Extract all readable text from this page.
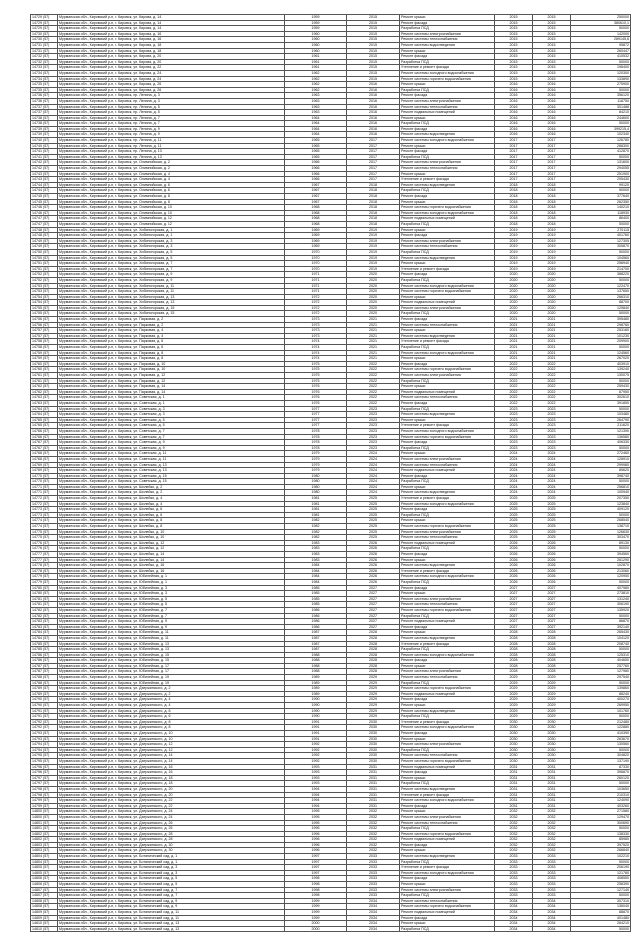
14729 (57)	Мурманская обл., Кировский р-н, г. Кировск, ул. Кирова, д. 14	1959	2015	Ремонт крыши	2015	2015	250000
14729 (57)	Мурманская обл., Кировский р-н, г. Кировск, ул. Кирова, д. 14	1959	2015	Ремонт фасада	2015	2015	380610,1
14729 (57)	Мурманская обл., Кировский р-н, г. Кировск, ул. Кирова, д. 14	1959	2015	Разработка ПСД	2015	2015	50000
14730 (57)	Мурманская обл., Кировский р-н, г. Кировск, ул. Кирова, д. 16	1960	2015	Ремонт системы электроснабжения	2015	2015	142000
14730 (57)	Мурманская обл., Кировский р-н, г. Кировск, ул. Кирова, д. 16	1960	2015	Ремонт системы теплоснабжения	2015	2015	289145,6
14731 (57)	Мурманская обл., Кировский р-н, г. Кировск, ул. Кирова, д. 18	1960	2015	Ремонт системы водоотведения	2015	2015	95872
14731 (57)	Мурманская обл., Кировский р-н, г. Кировск, ул. Кирова, д. 18	1960	2015	Ремонт крыши	2015	2015	260447
14732 (57)	Мурманская обл., Кировский р-н, г. Кировск, ул. Кирова, д. 20	1961	2015	Ремонт фасада	2015	2015	410532
14732 (57)	Мурманская обл., Кировский р-н, г. Кировск, ул. Кирова, д. 20	1961	2015	Разработка ПСД	2015	2015	50000
14733 (57)	Мурманская обл., Кировский р-н, г. Кировск, ул. Кирова, д. 22	1961	2015	Утепление и ремонт фасада	2015	2015	198400
14734 (57)	Мурманская обл., Кировский р-н, г. Кировск, ул. Кирова, д. 24	1962	2015	Ремонт системы холодного водоснабжения	2015	2015	120300
14734 (57)	Мурманская обл., Кировский р-н, г. Кировск, ул. Кирова, д. 24	1962	2015	Ремонт системы горячего водоснабжения	2015	2015	133890
14735 (57)	Мурманская обл., Кировский р-н, г. Кировск, ул. Кирова, д. 26	1962	2016	Ремонт крыши	2016	2016	275900
14735 (57)	Мурманская обл., Кировский р-н, г. Кировск, ул. Кирова, д. 26	1962	2016	Разработка ПСД	2016	2016	50000
14736 (57)	Мурманская обл., Кировский р-н, г. Кировск, пр. Ленина, д. 3	1963	2016	Ремонт фасада	2016	2016	356120
14736 (57)	Мурманская обл., Кировский р-н, г. Кировск, пр. Ленина, д. 3	1963	2016	Ремонт системы электроснабжения	2016	2016	118750
14737 (57)	Мурманская обл., Кировский р-н, г. Кировск, пр. Ленина, д. 5	1963	2016	Ремонт системы теплоснабжения	2016	2016	301488
14737 (57)	Мурманская обл., Кировский р-н, г. Кировск, пр. Ленина, д. 5	1963	2016	Ремонт подвальных помещений	2016	2016	84210
14738 (57)	Мурманская обл., Кировский р-н, г. Кировск, пр. Ленина, д. 7	1964	2016	Ремонт крыши	2016	2016	244600
14738 (57)	Мурманская обл., Кировский р-н, г. Кировск, пр. Ленина, д. 7	1964	2016	Разработка ПСД	2016	2016	50000
14739 (57)	Мурманская обл., Кировский р-н, г. Кировск, пр. Ленина, д. 9	1964	2016	Ремонт фасада	2016	2016	399215,4
14739 (57)	Мурманская обл., Кировский р-н, г. Кировск, пр. Ленина, д. 9	1964	2016	Ремонт системы водоотведения	2016	2016	102340
14740 (57)	Мурманская обл., Кировский р-н, г. Кировск, пр. Ленина, д. 11	1965	2017	Ремонт системы холодного водоснабжения	2017	2017	126780
14740 (57)	Мурманская обл., Кировский р-н, г. Кировск, пр. Ленина, д. 11	1965	2017	Ремонт крыши	2017	2017	288300
14741 (57)	Мурманская обл., Кировский р-н, г. Кировск, пр. Ленина, д. 13	1965	2017	Ремонт фасада	2017	2017	412870
14741 (57)	Мурманская обл., Кировский р-н, г. Кировск, пр. Ленина, д. 13	1965	2017	Разработка ПСД	2017	2017	50000
14742 (57)	Мурманская обл., Кировский р-н, г. Кировск, ул. Олимпийская, д. 2	1966	2017	Ремонт системы электроснабжения	2017	2017	131600
14742 (57)	Мурманская обл., Кировский р-н, г. Кировск, ул. Олимпийская, д. 2	1966	2017	Ремонт системы теплоснабжения	2017	2017	294055
14743 (57)	Мурманская обл., Кировский р-н, г. Кировск, ул. Олимпийская, д. 4	1966	2017	Ремонт крыши	2017	2017	251900
14743 (57)	Мурманская обл., Кировский р-н, г. Кировск, ул. Олимпийская, д. 4	1966	2017	Утепление и ремонт фасада	2017	2017	205430
14744 (57)	Мурманская обл., Кировский р-н, г. Кировск, ул. Олимпийская, д. 6	1967	2018	Ремонт системы водоотведения	2018	2018	99120
14744 (57)	Мурманская обл., Кировский р-н, г. Кировск, ул. Олимпийская, д. 6	1967	2018	Разработка ПСД	2018	2018	50000
14745 (57)	Мурманская обл., Кировский р-н, г. Кировск, ул. Олимпийская, д. 8	1967	2018	Ремонт фасада	2018	2018	377640
14745 (57)	Мурманская обл., Кировский р-н, г. Кировск, ул. Олимпийская, д. 8	1967	2018	Ремонт крыши	2018	2018	262350
14746 (57)	Мурманская обл., Кировский р-н, г. Кировск, ул. Олимпийская, д. 10	1968	2018	Ремонт системы горячего водоснабжения	2018	2018	140210
14746 (57)	Мурманская обл., Кировский р-н, г. Кировск, ул. Олимпийская, д. 10	1968	2018	Ремонт системы холодного водоснабжения	2018	2018	118930
14747 (57)	Мурманская обл., Кировский р-н, г. Кировск, ул. Олимпийская, д. 12	1968	2018	Ремонт подвальных помещений	2018	2018	86400
14747 (57)	Мурманская обл., Кировский р-н, г. Кировск, ул. Олимпийская, д. 12	1968	2018	Разработка ПСД	2018	2018	50000
14748 (57)	Мурманская обл., Кировский р-н, г. Кировск, ул. Хибиногорская, д. 1	1969	2019	Ремонт крыши	2019	2019	270115
14748 (57)	Мурманская обл., Кировский р-н, г. Кировск, ул. Хибиногорская, д. 1	1969	2019	Ремонт фасада	2019	2019	401760
14749 (57)	Мурманская обл., Кировский р-н, г. Кировск, ул. Хибиногорская, д. 3	1969	2019	Ремонт системы электроснабжения	2019	2019	127305
14749 (57)	Мурманская обл., Кировский р-н, г. Кировск, ул. Хибиногорская, д. 3	1969	2019	Ремонт системы теплоснабжения	2019	2019	305870
14750 (57)	Мурманская обл., Кировский р-н, г. Кировск, ул. Хибиногорская, д. 5	1970	2019	Разработка ПСД	2019	2019	50000
14750 (57)	Мурманская обл., Кировский р-н, г. Кировск, ул. Хибиногорская, д. 5	1970	2019	Ремонт системы водоотведения	2019	2019	104560
14751 (57)	Мурманская обл., Кировский р-н, г. Кировск, ул. Хибиногорская, д. 7	1970	2019	Ремонт крыши	2019	2019	258940
14751 (57)	Мурманская обл., Кировский р-н, г. Кировск, ул. Хибиногорская, д. 7	1970	2019	Утепление и ремонт фасада	2019	2019	214700
14752 (57)	Мурманская обл., Кировский р-н, г. Кировск, ул. Хибиногорская, д. 9	1971	2020	Ремонт фасада	2020	2020	388220
14752 (57)	Мурманская обл., Кировский р-н, г. Кировск, ул. Хибиногорская, д. 9	1971	2020	Разработка ПСД	2020	2020	50000
14753 (57)	Мурманская обл., Кировский р-н, г. Кировск, ул. Хибиногорская, д. 11	1971	2020	Ремонт системы холодного водоснабжения	2020	2020	122470
14753 (57)	Мурманская обл., Кировский р-н, г. Кировск, ул. Хибиногорская, д. 11	1971	2020	Ремонт системы горячего водоснабжения	2020	2020	137650
14754 (57)	Мурманская обл., Кировский р-н, г. Кировск, ул. Хибиногорская, д. 13	1972	2020	Ремонт крыши	2020	2020	266310
14754 (57)	Мурманская обл., Кировский р-н, г. Кировск, ул. Хибиногорская, д. 13	1972	2020	Ремонт подвальных помещений	2020	2020	88700
14755 (57)	Мурманская обл., Кировский р-н, г. Кировск, ул. Хибиногорская, д. 15	1972	2020	Ремонт системы электроснабжения	2020	2020	129840
14755 (57)	Мурманская обл., Кировский р-н, г. Кировск, ул. Хибиногорская, д. 15	1972	2020	Разработка ПСД	2020	2020	50000
14756 (57)	Мурманская обл., Кировский р-н, г. Кировск, ул. Парковая, д. 2	1973	2021	Ремонт фасада	2021	2021	395480
14756 (57)	Мурманская обл., Кировский р-н, г. Кировск, ул. Парковая, д. 2	1973	2021	Ремонт системы теплоснабжения	2021	2021	298760
14757 (57)	Мурманская обл., Кировский р-н, г. Кировск, ул. Парковая, д. 4	1973	2021	Ремонт крыши	2021	2021	253180
14757 (57)	Мурманская обл., Кировский р-н, г. Кировск, ул. Парковая, д. 4	1973	2021	Ремонт системы водоотведения	2021	2021	101230
14758 (57)	Мурманская обл., Кировский р-н, г. Кировск, ул. Парковая, д. 6	1974	2021	Утепление и ремонт фасада	2021	2021	209900
14758 (57)	Мурманская обл., Кировский р-н, г. Кировск, ул. Парковая, д. 6	1974	2021	Разработка ПСД	2021	2021	50000
14759 (57)	Мурманская обл., Кировский р-н, г. Кировск, ул. Парковая, д. 8	1974	2021	Ремонт системы холодного водоснабжения	2021	2021	124560
14759 (57)	Мурманская обл., Кировский р-н, г. Кировск, ул. Парковая, д. 8	1974	2021	Ремонт крыши	2021	2021	267020
14760 (57)	Мурманская обл., Кировский р-н, г. Кировск, ул. Парковая, д. 10	1975	2022	Ремонт фасада	2022	2022	403910
14760 (57)	Мурманская обл., Кировский р-н, г. Кировск, ул. Парковая, д. 10	1975	2022	Ремонт системы горячего водоснабжения	2022	2022	139240
14761 (57)	Мурманская обл., Кировский р-н, г. Кировск, ул. Парковая, д. 12	1975	2022	Ремонт системы электроснабжения	2022	2022	130075
14761 (57)	Мурманская обл., Кировский р-н, г. Кировск, ул. Парковая, д. 12	1975	2022	Разработка ПСД	2022	2022	50000
14762 (57)	Мурманская обл., Кировский р-н, г. Кировск, ул. Парковая, д. 14	1976	2022	Ремонт крыши	2022	2022	259430
14762 (57)	Мурманская обл., Кировский р-н, г. Кировск, ул. Парковая, д. 14	1976	2022	Ремонт подвальных помещений	2022	2022	87950
14763 (57)	Мурманская обл., Кировский р-н, г. Кировск, ул. Советская, д. 1	1976	2022	Ремонт системы теплоснабжения	2022	2022	302610
14763 (57)	Мурманская обл., Кировский р-н, г. Кировск, ул. Советская, д. 1	1976	2022	Ремонт фасада	2022	2022	391850
14764 (57)	Мурманская обл., Кировский р-н, г. Кировск, ул. Советская, д. 3	1977	2023	Разработка ПСД	2023	2023	50000
14764 (57)	Мурманская обл., Кировский р-н, г. Кировск, ул. Советская, д. 3	1977	2023	Ремонт системы водоотведения	2023	2023	103480
14765 (57)	Мурманская обл., Кировский р-н, г. Кировск, ул. Советская, д. 5	1977	2023	Ремонт крыши	2023	2023	264790
14765 (57)	Мурманская обл., Кировский р-н, г. Кировск, ул. Советская, д. 5	1977	2023	Утепление и ремонт фасада	2023	2023	211620
14766 (57)	Мурманская обл., Кировский р-н, г. Кировск, ул. Советская, д. 7	1978	2023	Ремонт системы холодного водоснабжения	2023	2023	121390
14766 (57)	Мурманская обл., Кировский р-н, г. Кировск, ул. Советская, д. 7	1978	2023	Ремонт системы горячего водоснабжения	2023	2023	136580
14767 (57)	Мурманская обл., Кировский р-н, г. Кировск, ул. Советская, д. 9	1978	2023	Ремонт фасада	2023	2023	406330
14767 (57)	Мурманская обл., Кировский р-н, г. Кировск, ул. Советская, д. 9	1978	2023	Разработка ПСД	2023	2023	50000
14768 (57)	Мурманская обл., Кировский р-н, г. Кировск, ул. Советская, д. 11	1979	2024	Ремонт крыши	2024	2024	272460
14768 (57)	Мурманская обл., Кировский р-н, г. Кировск, ул. Советская, д. 11	1979	2024	Ремонт системы электроснабжения	2024	2024	128910
14769 (57)	Мурманская обл., Кировский р-н, г. Кировск, ул. Советская, д. 13	1979	2024	Ремонт системы теплоснабжения	2024	2024	299980
14769 (57)	Мурманская обл., Кировский р-н, г. Кировск, ул. Советская, д. 13	1979	2024	Ремонт подвальных помещений	2024	2024	85620
14770 (57)	Мурманская обл., Кировский р-н, г. Кировск, ул. Советская, д. 15	1980	2024	Ремонт фасада	2024	2024	398740
14770 (57)	Мурманская обл., Кировский р-н, г. Кировск, ул. Советская, д. 15	1980	2024	Разработка ПСД	2024	2024	50000
14771 (57)	Мурманская обл., Кировский р-н, г. Кировск, ул. Шилейко, д. 2	1980	2024	Ремонт крыши	2024	2024	256810
14771 (57)	Мурманская обл., Кировский р-н, г. Кировск, ул. Шилейко, д. 2	1980	2024	Ремонт системы водоотведения	2024	2024	100940
14772 (57)	Мурманская обл., Кировский р-н, г. Кировск, ул. Шилейко, д. 4	1981	2025	Утепление и ремонт фасада	2025	2025	207350
14772 (57)	Мурманская обл., Кировский р-н, г. Кировск, ул. Шилейко, д. 4	1981	2025	Ремонт системы холодного водоснабжения	2025	2025	123840
14773 (57)	Мурманская обл., Кировский р-н, г. Кировск, ул. Шилейко, д. 6	1981	2025	Ремонт фасада	2025	2025	409120
14773 (57)	Мурманская обл., Кировский р-н, г. Кировск, ул. Шилейко, д. 6	1981	2025	Разработка ПСД	2025	2025	50000
14774 (57)	Мурманская обл., Кировский р-н, г. Кировск, ул. Шилейко, д. 8	1982	2025	Ремонт крыши	2025	2025	268540
14774 (57)	Мурманская обл., Кировский р-н, г. Кировск, ул. Шилейко, д. 8	1982	2025	Ремонт системы горячего водоснабжения	2025	2025	138710
14775 (57)	Мурманская обл., Кировский р-н, г. Кировск, ул. Шилейко, д. 10	1982	2025	Ремонт системы электроснабжения	2025	2025	126630
14775 (57)	Мурманская обл., Кировский р-н, г. Кировск, ул. Шилейко, д. 10	1982	2025	Ремонт системы теплоснабжения	2025	2025	303470
14776 (57)	Мурманская обл., Кировский р-н, г. Кировск, ул. Шилейко, д. 12	1983	2026	Ремонт подвальных помещений	2026	2026	89130
14776 (57)	Мурманская обл., Кировский р-н, г. Кировск, ул. Шилейко, д. 12	1983	2026	Разработка ПСД	2026	2026	50000
14777 (57)	Мурманская обл., Кировский р-н, г. Кировск, ул. Шилейко, д. 14	1983	2026	Ремонт фасада	2026	2026	394560
14777 (57)	Мурманская обл., Кировский р-н, г. Кировск, ул. Шилейко, д. 14	1983	2026	Ремонт крыши	2026	2026	261290
14778 (57)	Мурманская обл., Кировский р-н, г. Кировск, ул. Шилейко, д. 16	1984	2026	Ремонт системы водоотведения	2026	2026	102870
14778 (57)	Мурманская обл., Кировский р-н, г. Кировск, ул. Шилейко, д. 16	1984	2026	Утепление и ремонт фасада	2026	2026	213060
14779 (57)	Мурманская обл., Кировский р-н, г. Кировск, ул. Юбилейная, д. 1	1984	2026	Ремонт системы холодного водоснабжения	2026	2026	120950
14779 (57)	Мурманская обл., Кировский р-н, г. Кировск, ул. Юбилейная, д. 1	1984	2026	Разработка ПСД	2026	2026	50000
14780 (57)	Мурманская обл., Кировский р-н, г. Кировск, ул. Юбилейная, д. 3	1985	2027	Ремонт фасада	2027	2027	407980
14780 (57)	Мурманская обл., Кировский р-н, г. Кировск, ул. Юбилейная, д. 3	1985	2027	Ремонт крыши	2027	2027	273810
14781 (57)	Мурманская обл., Кировский р-н, г. Кировск, ул. Юбилейная, д. 5	1985	2027	Ремонт системы электроснабжения	2027	2027	131240
14781 (57)	Мурманская обл., Кировский р-н, г. Кировск, ул. Юбилейная, д. 5	1985	2027	Ремонт системы теплоснабжения	2027	2027	306190
14782 (57)	Мурманская обл., Кировский р-н, г. Кировск, ул. Юбилейная, д. 7	1986	2027	Ремонт системы горячего водоснабжения	2027	2027	135920
14782 (57)	Мурманская обл., Кировский р-н, г. Кировск, ул. Юбилейная, д. 7	1986	2027	Разработка ПСД	2027	2027	50000
14783 (57)	Мурманская обл., Кировский р-н, г. Кировск, ул. Юбилейная, д. 9	1986	2027	Ремонт подвальных помещений	2027	2027	86870
14783 (57)	Мурманская обл., Кировский р-н, г. Кировск, ул. Юбилейная, д. 9	1986	2027	Ремонт фасада	2027	2027	392140
14784 (57)	Мурманская обл., Кировский р-н, г. Кировск, ул. Юбилейная, д. 11	1987	2028	Ремонт крыши	2028	2028	265430
14784 (57)	Мурманская обл., Кировский р-н, г. Кировск, ул. Юбилейная, д. 11	1987	2028	Ремонт системы водоотведения	2028	2028	104120
14785 (57)	Мурманская обл., Кировский р-н, г. Кировск, ул. Юбилейная, д. 13	1987	2028	Утепление и ремонт фасада	2028	2028	208740
14785 (57)	Мурманская обл., Кировский р-н, г. Кировск, ул. Юбилейная, д. 13	1987	2028	Разработка ПСД	2028	2028	50000
14786 (57)	Мурманская обл., Кировский р-н, г. Кировск, ул. Юбилейная, д. 15	1988	2028	Ремонт системы холодного водоснабжения	2028	2028	125310
14786 (57)	Мурманская обл., Кировский р-н, г. Кировск, ул. Юбилейная, д. 15	1988	2028	Ремонт фасада	2028	2028	404650
14787 (57)	Мурманская обл., Кировский р-н, г. Кировск, ул. Юбилейная, д. 17	1988	2028	Ремонт крыши	2028	2028	257760
14787 (57)	Мурманская обл., Кировский р-н, г. Кировск, ул. Юбилейная, д. 17	1988	2028	Ремонт системы электроснабжения	2028	2028	127980
14788 (57)	Мурманская обл., Кировский р-н, г. Кировск, ул. Юбилейная, д. 19	1989	2029	Ремонт системы теплоснабжения	2029	2029	297540
14788 (57)	Мурманская обл., Кировский р-н, г. Кировск, ул. Юбилейная, д. 19	1989	2029	Разработка ПСД	2029	2029	50000
14789 (57)	Мурманская обл., Кировский р-н, г. Кировск, ул. Дзержинского, д. 2	1989	2029	Ремонт системы горячего водоснабжения	2029	2029	139860
14789 (57)	Мурманская обл., Кировский р-н, г. Кировск, ул. Дзержинского, д. 2	1989	2029	Ремонт подвальных помещений	2029	2029	88240
14790 (57)	Мурманская обл., Кировский р-н, г. Кировск, ул. Дзержинского, д. 4	1990	2029	Ремонт фасада	2029	2029	400270
14790 (57)	Мурманская обл., Кировский р-н, г. Кировск, ул. Дзержинского, д. 4	1990	2029	Ремонт крыши	2029	2029	269950
14791 (57)	Мурманская обл., Кировский р-н, г. Кировск, ул. Дзержинского, д. 6	1990	2029	Ремонт системы водоотведения	2029	2029	101760
14791 (57)	Мурманская обл., Кировский р-н, г. Кировск, ул. Дзержинского, д. 6	1990	2029	Разработка ПСД	2029	2029	50000
14792 (57)	Мурманская обл., Кировский р-н, г. Кировск, ул. Дзержинского, д. 8	1991	2030	Утепление и ремонт фасада	2030	2030	212480
14792 (57)	Мурманская обл., Кировский р-н, г. Кировск, ул. Дзержинского, д. 8	1991	2030	Ремонт системы холодного водоснабжения	2030	2030	122880
14793 (57)	Мурманская обл., Кировский р-н, г. Кировск, ул. Дзержинского, д. 10	1991	2030	Ремонт фасада	2030	2030	410390
14793 (57)	Мурманская обл., Кировский р-н, г. Кировск, ул. Дзержинского, д. 10	1991	2030	Ремонт крыши	2030	2030	263670
14794 (57)	Мурманская обл., Кировский р-н, г. Кировск, ул. Дзержинского, д. 12	1992	2030	Ремонт системы электроснабжения	2030	2030	130560
14794 (57)	Мурманская обл., Кировский р-н, г. Кировск, ул. Дзержинского, д. 12	1992	2030	Разработка ПСД	2030	2030	50000
14795 (57)	Мурманская обл., Кировский р-н, г. Кировск, ул. Дзержинского, д. 14	1992	2030	Ремонт системы теплоснабжения	2030	2030	304820
14795 (57)	Мурманская обл., Кировский р-н, г. Кировск, ул. Дзержинского, д. 14	1992	2030	Ремонт системы горячего водоснабжения	2030	2030	137190
14796 (57)	Мурманская обл., Кировский р-н, г. Кировск, ул. Дзержинского, д. 16	1993	2031	Ремонт подвальных помещений	2031	2031	87330
14796 (57)	Мурманская обл., Кировский р-н, г. Кировск, ул. Дзержинского, д. 16	1993	2031	Ремонт фасада	2031	2031	396870
14797 (57)	Мурманская обл., Кировский р-н, г. Кировск, ул. Дзержинского, д. 18	1993	2031	Ремонт крыши	2031	2031	260120
14797 (57)	Мурманская обл., Кировский р-н, г. Кировск, ул. Дзержинского, д. 18	1993	2031	Разработка ПСД	2031	2031	50000
14798 (57)	Мурманская обл., Кировский р-н, г. Кировск, ул. Дзержинского, д. 20	1994	2031	Ремонт системы водоотведения	2031	2031	103650
14798 (57)	Мурманская обл., Кировский р-н, г. Кировск, ул. Дзержинского, д. 20	1994	2031	Утепление и ремонт фасада	2031	2031	210310
14799 (57)	Мурманская обл., Кировский р-н, г. Кировск, ул. Дзержинского, д. 22	1994	2031	Ремонт системы холодного водоснабжения	2031	2031	124090
14799 (57)	Мурманская обл., Кировский р-н, г. Кировск, ул. Дзержинского, д. 22	1994	2031	Ремонт фасада	2031	2031	403260
14800 (57)	Мурманская обл., Кировский р-н, г. Кировск, ул. Дзержинского, д. 24	1995	2032	Ремонт крыши	2032	2032	271580
14800 (57)	Мурманская обл., Кировский р-н, г. Кировск, ул. Дзержинского, д. 24	1995	2032	Ремонт системы электроснабжения	2032	2032	129470
14801 (57)	Мурманская обл., Кировский р-н, г. Кировск, ул. Дзержинского, д. 26	1995	2032	Ремонт системы теплоснабжения	2032	2032	300690
14801 (57)	Мурманская обл., Кировский р-н, г. Кировск, ул. Дзержинского, д. 26	1995	2032	Разработка ПСД	2032	2032	50000
14802 (57)	Мурманская обл., Кировский р-н, г. Кировск, ул. Дзержинского, д. 28	1996	2032	Ремонт системы горячего водоснабжения	2032	2032	138330
14802 (57)	Мурманская обл., Кировский р-н, г. Кировск, ул. Дзержинского, д. 28	1996	2032	Ремонт подвальных помещений	2032	2032	85980
14803 (57)	Мурманская обл., Кировский р-н, г. Кировск, ул. Дзержинского, д. 30	1996	2032	Ремонт фасада	2032	2032	397520
14803 (57)	Мурманская обл., Кировский р-н, г. Кировск, ул. Дзержинского, д. 30	1996	2032	Ремонт крыши	2032	2032	266840
14804 (57)	Мурманская обл., Кировский р-н, г. Кировск, ул. Ботанический сад, д. 1	1997	2033	Ремонт системы водоотведения	2033	2033	102210
14804 (57)	Мурманская обл., Кировский р-н, г. Кировск, ул. Ботанический сад, д. 1	1997	2033	Разработка ПСД	2033	2033	50000
14805 (57)	Мурманская обл., Кировский р-н, г. Кировск, ул. Ботанический сад, д. 3	1997	2033	Утепление и ремонт фасада	2033	2033	206190
14805 (57)	Мурманская обл., Кировский р-н, г. Кировск, ул. Ботанический сад, д. 3	1997	2033	Ремонт системы холодного водоснабжения	2033	2033	121780
14806 (57)	Мурманская обл., Кировский р-н, г. Кировск, ул. Ботанический сад, д. 5	1998	2033	Ремонт фасада	2033	2033	408550
14806 (57)	Мурманская обл., Кировский р-н, г. Кировск, ул. Ботанический сад, д. 5	1998	2033	Ремонт крыши	2033	2033	258390
14807 (57)	Мурманская обл., Кировский р-н, г. Кировск, ул. Ботанический сад, д. 7	1998	2033	Ремонт системы электроснабжения	2033	2033	127140
14807 (57)	Мурманская обл., Кировский р-н, г. Кировск, ул. Ботанический сад, д. 7	1998	2033	Разработка ПСД	2033	2033	50000
14808 (57)	Мурманская обл., Кировский р-н, г. Кировск, ул. Ботанический сад, д. 9	1999	2034	Ремонт системы теплоснабжения	2034	2034	307310
14808 (57)	Мурманская обл., Кировский р-н, г. Кировск, ул. Ботанический сад, д. 9	1999	2034	Ремонт системы горячего водоснабжения	2034	2034	136040
14809 (57)	Мурманская обл., Кировский р-н, г. Кировск, ул. Ботанический сад, д. 11	1999	2034	Ремонт подвальных помещений	2034	2034	88870
14809 (57)	Мурманская обл., Кировский р-н, г. Кировск, ул. Ботанический сад, д. 11	1999	2034	Ремонт фасада	2034	2034	401480
14810 (57)	Мурманская обл., Кировский р-н, г. Кировск, ул. Ботанический сад, д. 13	2000	2034	Ремонт крыши	2034	2034	264210
14810 (57)	Мурманская обл., Кировский р-н, г. Кировск, ул. Ботанический сад, д. 13	2000	2034	Разработка ПСД	2034	2034	50000
